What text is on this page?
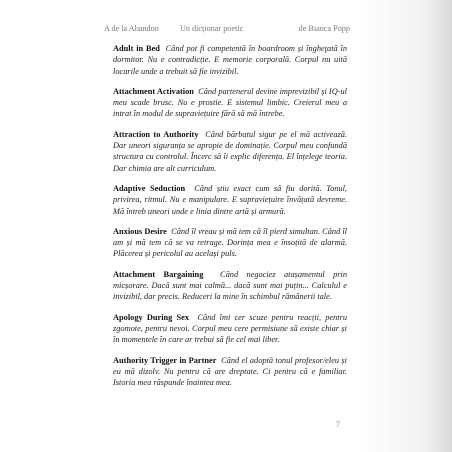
A de la Abandon	Un dicționar poetic	de Bianca Popp

Adult in Bed Când pot fi competentă în boardroom și îngheţată în dormitor. Nu e contradicție. E memorie corporală. Corpul nu uită locurile unde a trebuit să fie invizibil.

Attachment Activation Când partenerul devine imprevizibil și IQ-ul meu scade brusc. Nu e prostie. E sistemul limbic. Creierul meu a intrat în modul de supraviețuire fără să mă întrebe.

Attraction to Authority Când bărbatul sigur pe el mă activează. Dar uneori siguranța se apropie de dominație. Corpul meu confundă structura cu controlul. Încerc să îi explic diferența. El înțelege teoria. Dar chimia are alt curriculum.

Adaptive Seduction Când știu exact cum să fiu dorită. Tonul, privirea, ritmul. Nu e manipulare. E supraviețuire învățată devreme. Mă întreb uneori unde e linia dintre artă și armură.

Anxious Desire Când îl vreau și mă tem că îl pierd simultan. Când îl am și mă tem că se va retrage. Dorința mea e însoțită de alarmă. Plăcerea și pericolul au același puls.

Attachment Bargaining Când negociez atașamentul prin micșorare. Dacă sunt mai calmă... dacă sunt mai puțin... Calculul e invizibil, dar precis. Reduceri la mine în schimbul rămânerii tale.

Apology During Sex Când îmi cer scuze pentru reacții, pentru zgomote, pentru nevoi. Corpul meu cere permisiune să existe chiar și în momentele în care ar trebui să fie cel mai liber.

Authority Trigger in Partner Când el adoptă tonul profesor/eleu și eu mă dizolv. Nu pentru că are dreptate. Ci pentru că e familiar. Istoria mea răspunde înaintea mea.

7
